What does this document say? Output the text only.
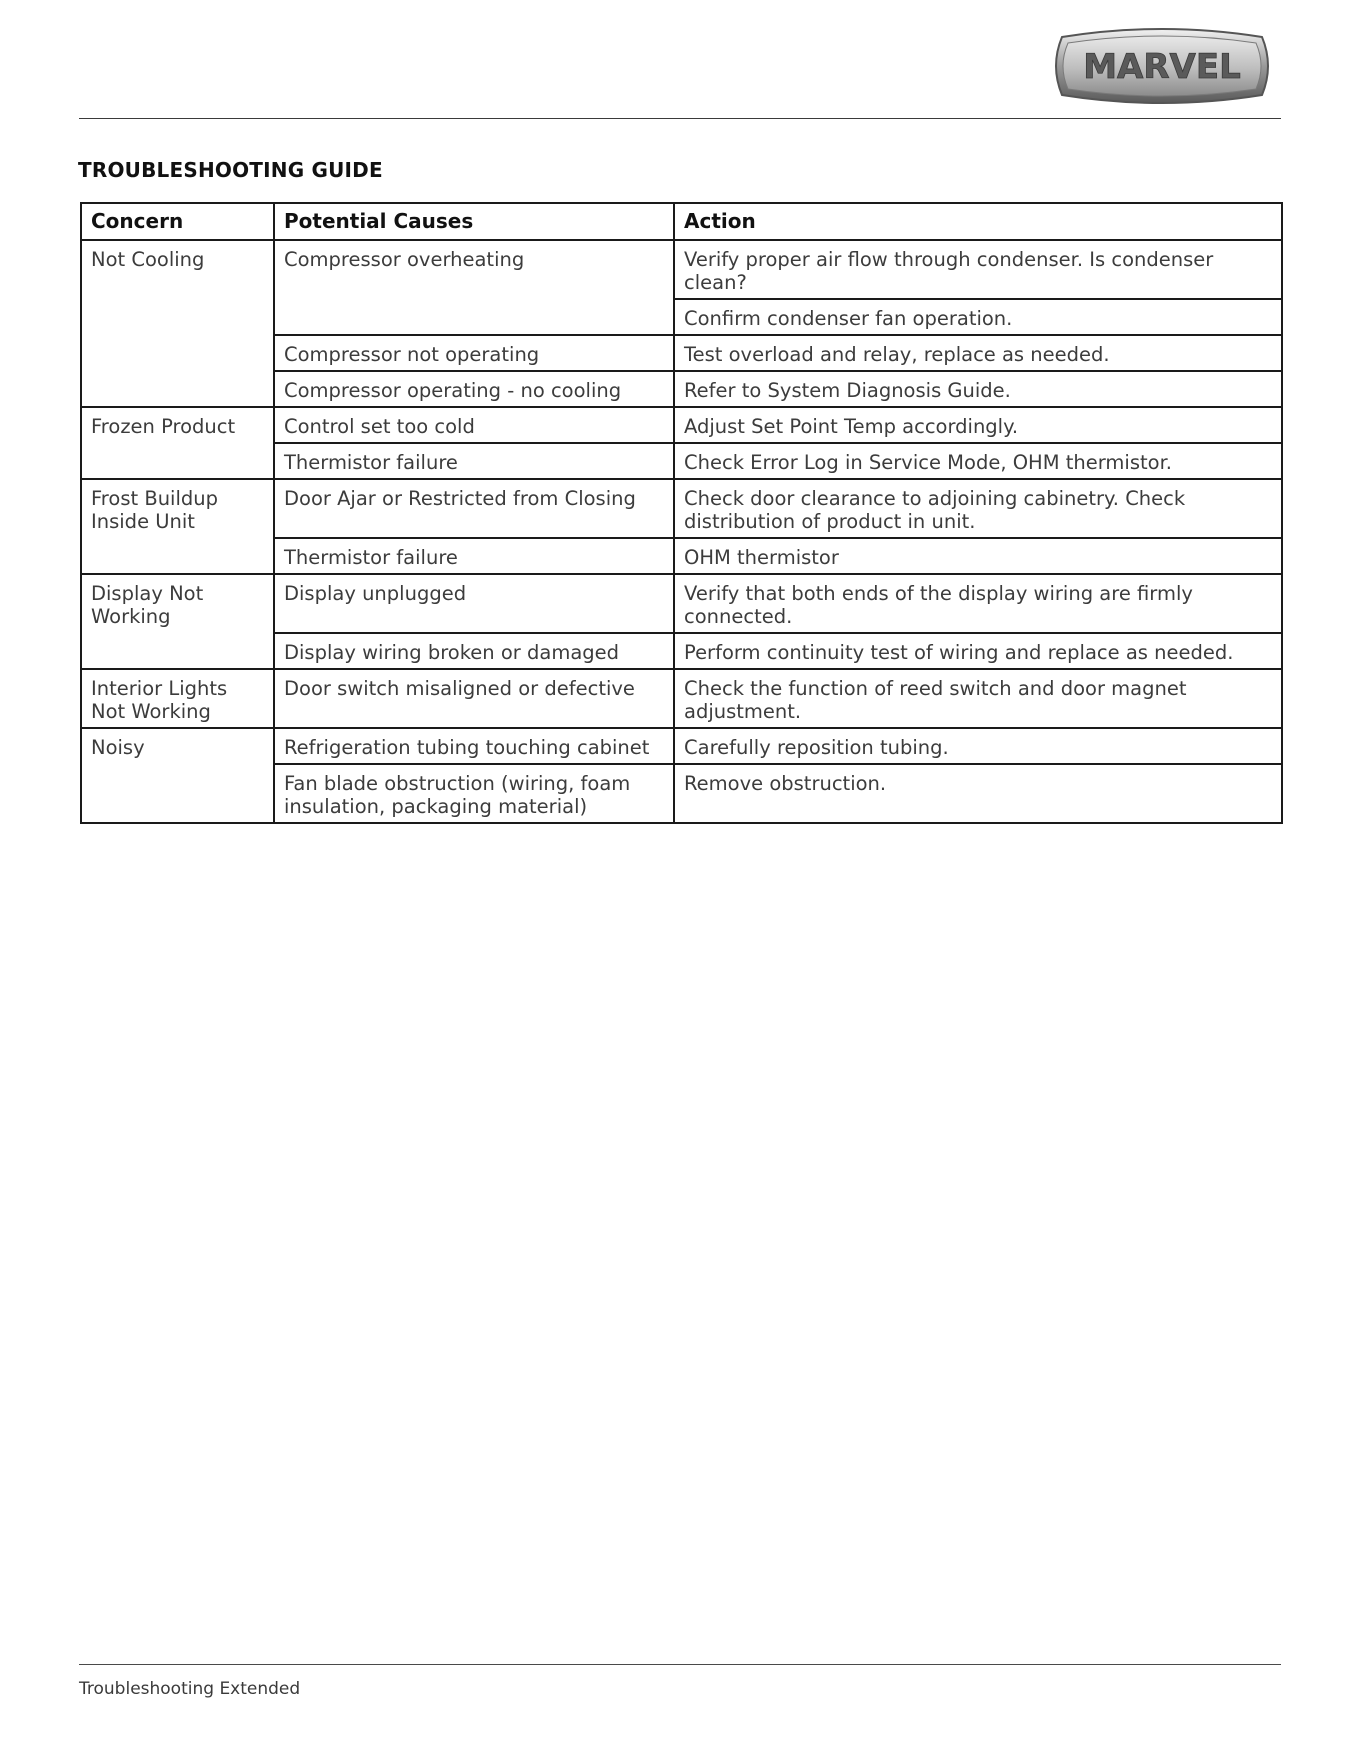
MARVEL
TROUBLESHOOTING GUIDE
Concern	Potential Causes	Action
Not Cooling	Compressor overheating	Verify proper air flow through condenser. Is condenser clean?
		Confirm condenser fan operation.
	Compressor not operating	Test overload and relay, replace as needed.
	Compressor operating - no cooling	Refer to System Diagnosis Guide.
Frozen Product	Control set too cold	Adjust Set Point Temp accordingly.
	Thermistor failure	Check Error Log in Service Mode, OHM thermistor.
Frost Buildup Inside Unit	Door Ajar or Restricted from Closing	Check door clearance to adjoining cabinetry. Check distribution of product in unit.
	Thermistor failure	OHM thermistor
Display Not Working	Display unplugged	Verify that both ends of the display wiring are firmly connected.
	Display wiring broken or damaged	Perform continuity test of wiring and replace as needed.
Interior Lights Not Working	Door switch misaligned or defective	Check the function of reed switch and door magnet adjustment.
Noisy	Refrigeration tubing touching cabinet	Carefully reposition tubing.
	Fan blade obstruction (wiring, foam insulation, packaging material)	Remove obstruction.
Troubleshooting Extended
